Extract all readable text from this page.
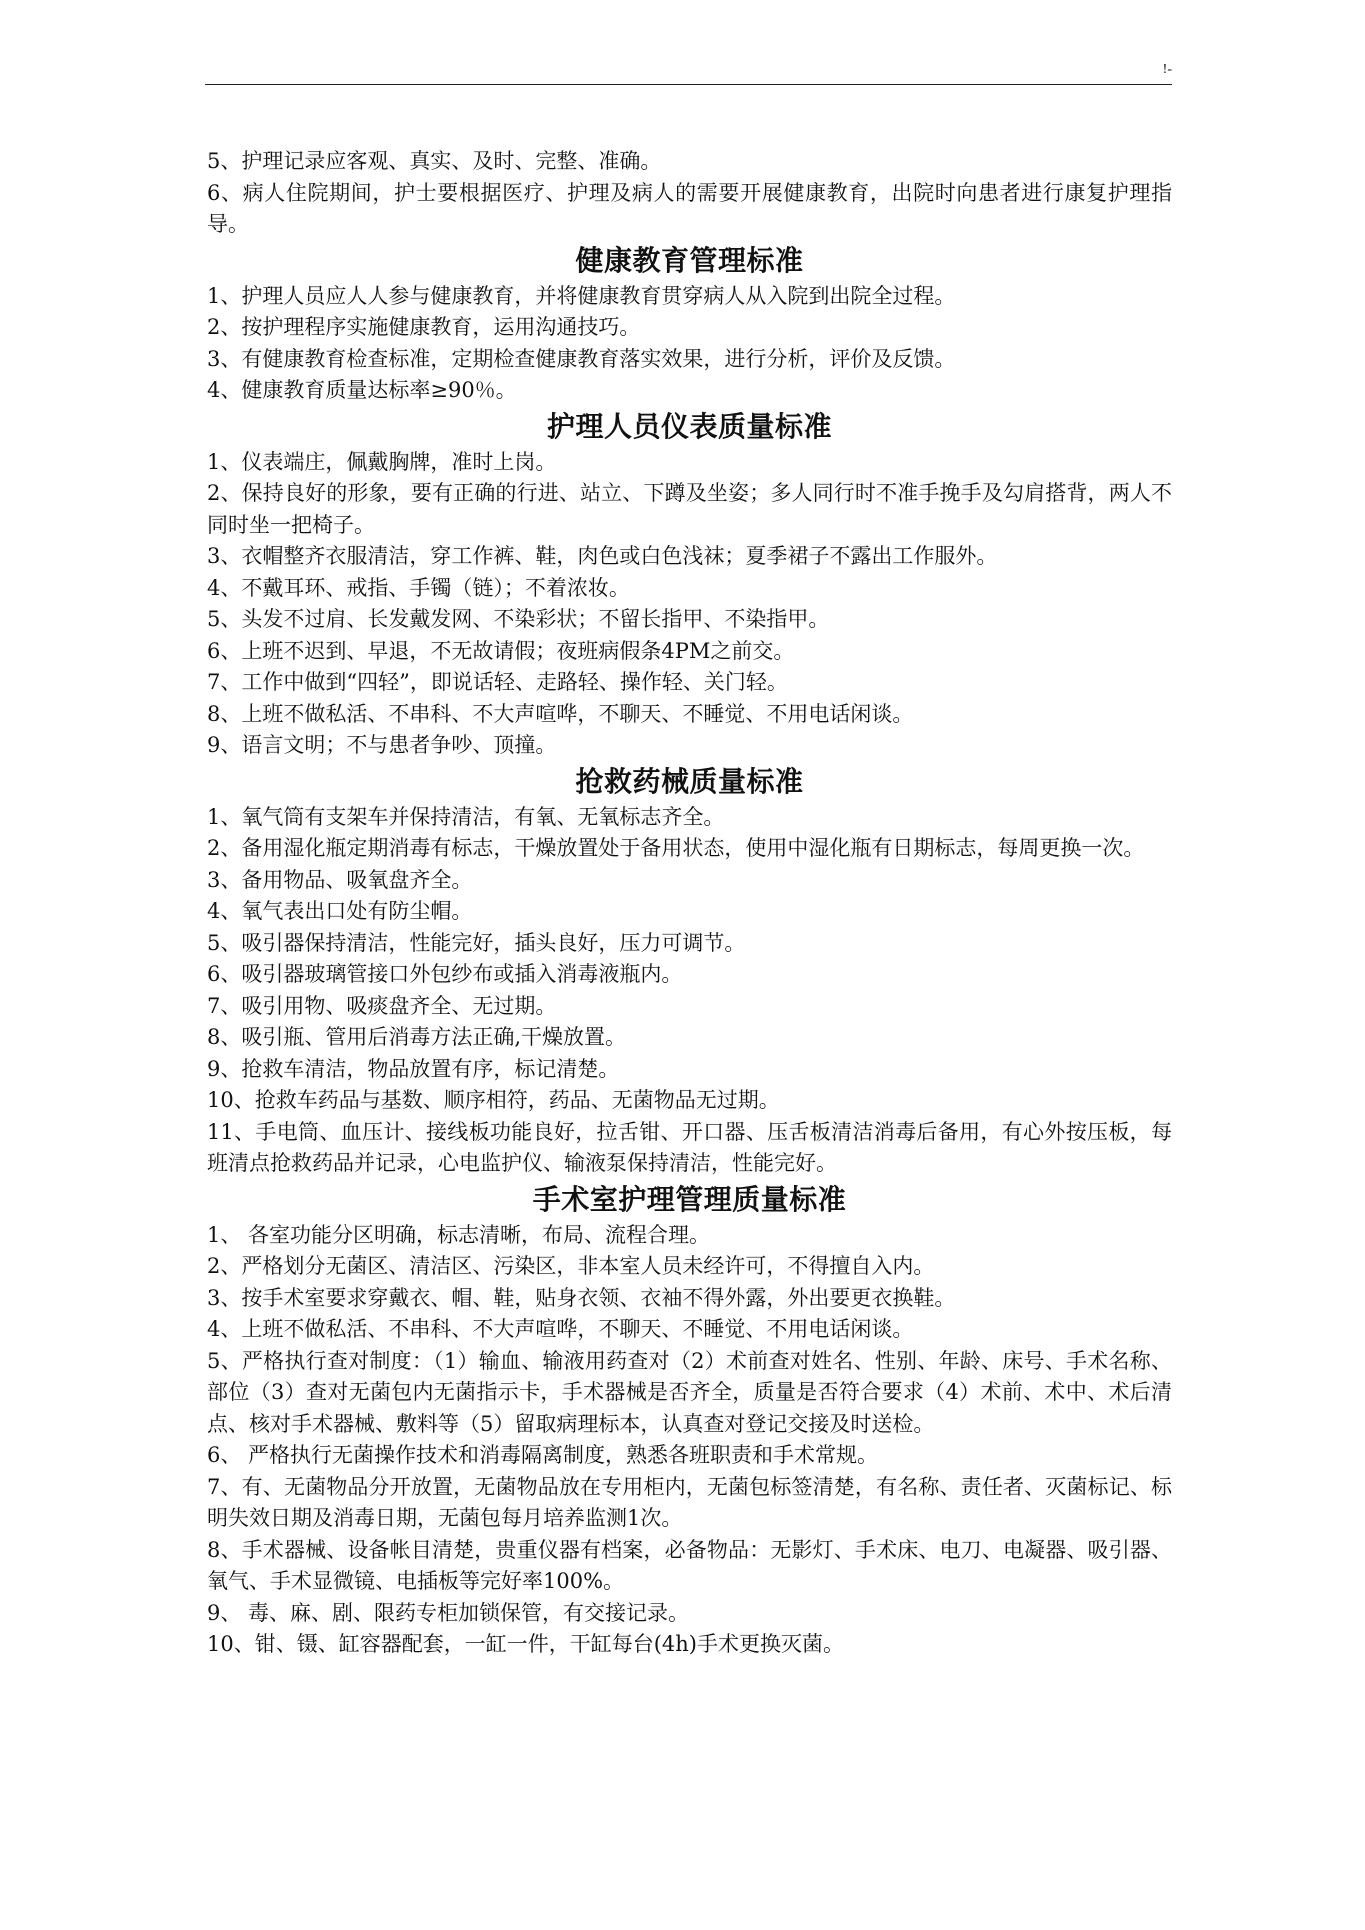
!-

5、护理记录应客观、真实、及时、完整、准确。

6、病人住院期间，护士要根据医疗、护理及病人的需要开展健康教育，出院时向患者进行康复护理指导。

健康教育管理标准

1、护理人员应人人参与健康教育，并将健康教育贯穿病人从入院到出院全过程。

2、按护理程序实施健康教育，运用沟通技巧。

3、有健康教育检查标准，定期检查健康教育落实效果，进行分析，评价及反馈。

4、健康教育质量达标率≥90％。

护理人员仪表质量标准

1、仪表端庄，佩戴胸牌，准时上岗。

2、保持良好的形象，要有正确的行进、站立、下蹲及坐姿；多人同行时不准手挽手及勾肩搭背，两人不同时坐一把椅子。

3、衣帽整齐衣服清洁，穿工作裤、鞋，肉色或白色浅袜；夏季裙子不露出工作服外。

4、不戴耳环、戒指、手镯（链）；不着浓妆。

5、头发不过肩、长发戴发网、不染彩状；不留长指甲、不染指甲。

6、上班不迟到、早退，不无故请假；夜班病假条4PM之前交。

7、工作中做到“四轻”，即说话轻、走路轻、操作轻、关门轻。

8、上班不做私活、不串科、不大声喧哗，不聊天、不睡觉、不用电话闲谈。

9、语言文明；不与患者争吵、顶撞。

抢救药械质量标准

1、氧气筒有支架车并保持清洁，有氧、无氧标志齐全。

2、备用湿化瓶定期消毒有标志，干燥放置处于备用状态，使用中湿化瓶有日期标志，每周更换一次。

3、备用物品、吸氧盘齐全。

4、氧气表出口处有防尘帽。

5、吸引器保持清洁，性能完好，插头良好，压力可调节。

6、吸引器玻璃管接口外包纱布或插入消毒液瓶内。

7、吸引用物、吸痰盘齐全、无过期。

8、吸引瓶、管用后消毒方法正确,干燥放置。

9、抢救车清洁，物品放置有序，标记清楚。

10、抢救车药品与基数、顺序相符，药品、无菌物品无过期。

11、手电筒、血压计、接线板功能良好，拉舌钳、开口器、压舌板清洁消毒后备用，有心外按压板，每班清点抢救药品并记录，心电监护仪、输液泵保持清洁，性能完好。

手术室护理管理质量标准

1、 各室功能分区明确，标志清晰，布局、流程合理。

2、严格划分无菌区、清洁区、污染区，非本室人员未经许可，不得擅自入内。

3、按手术室要求穿戴衣、帽、鞋，贴身衣领、衣袖不得外露，外出要更衣换鞋。

4、上班不做私活、不串科、不大声喧哗，不聊天、不睡觉、不用电话闲谈。

5、严格执行查对制度：（1）输血、输液用药查对（2）术前查对姓名、性别、年龄、床号、手术名称、部位（3）查对无菌包内无菌指示卡，手术器械是否齐全，质量是否符合要求（4）术前、术中、术后清点、核对手术器械、敷料等（5）留取病理标本，认真查对登记交接及时送检。

6、 严格执行无菌操作技术和消毒隔离制度，熟悉各班职责和手术常规。

7、有、无菌物品分开放置，无菌物品放在专用柜内，无菌包标签清楚，有名称、责任者、灭菌标记、标明失效日期及消毒日期，无菌包每月培养监测1次。

8、手术器械、设备帐目清楚，贵重仪器有档案，必备物品：无影灯、手术床、电刀、电凝器、吸引器、氧气、手术显微镜、电插板等完好率100%。

9、 毒、麻、剧、限药专柜加锁保管，有交接记录。

10、钳、镊、缸容器配套，一缸一件，干缸每台(4h)手术更换灭菌。
